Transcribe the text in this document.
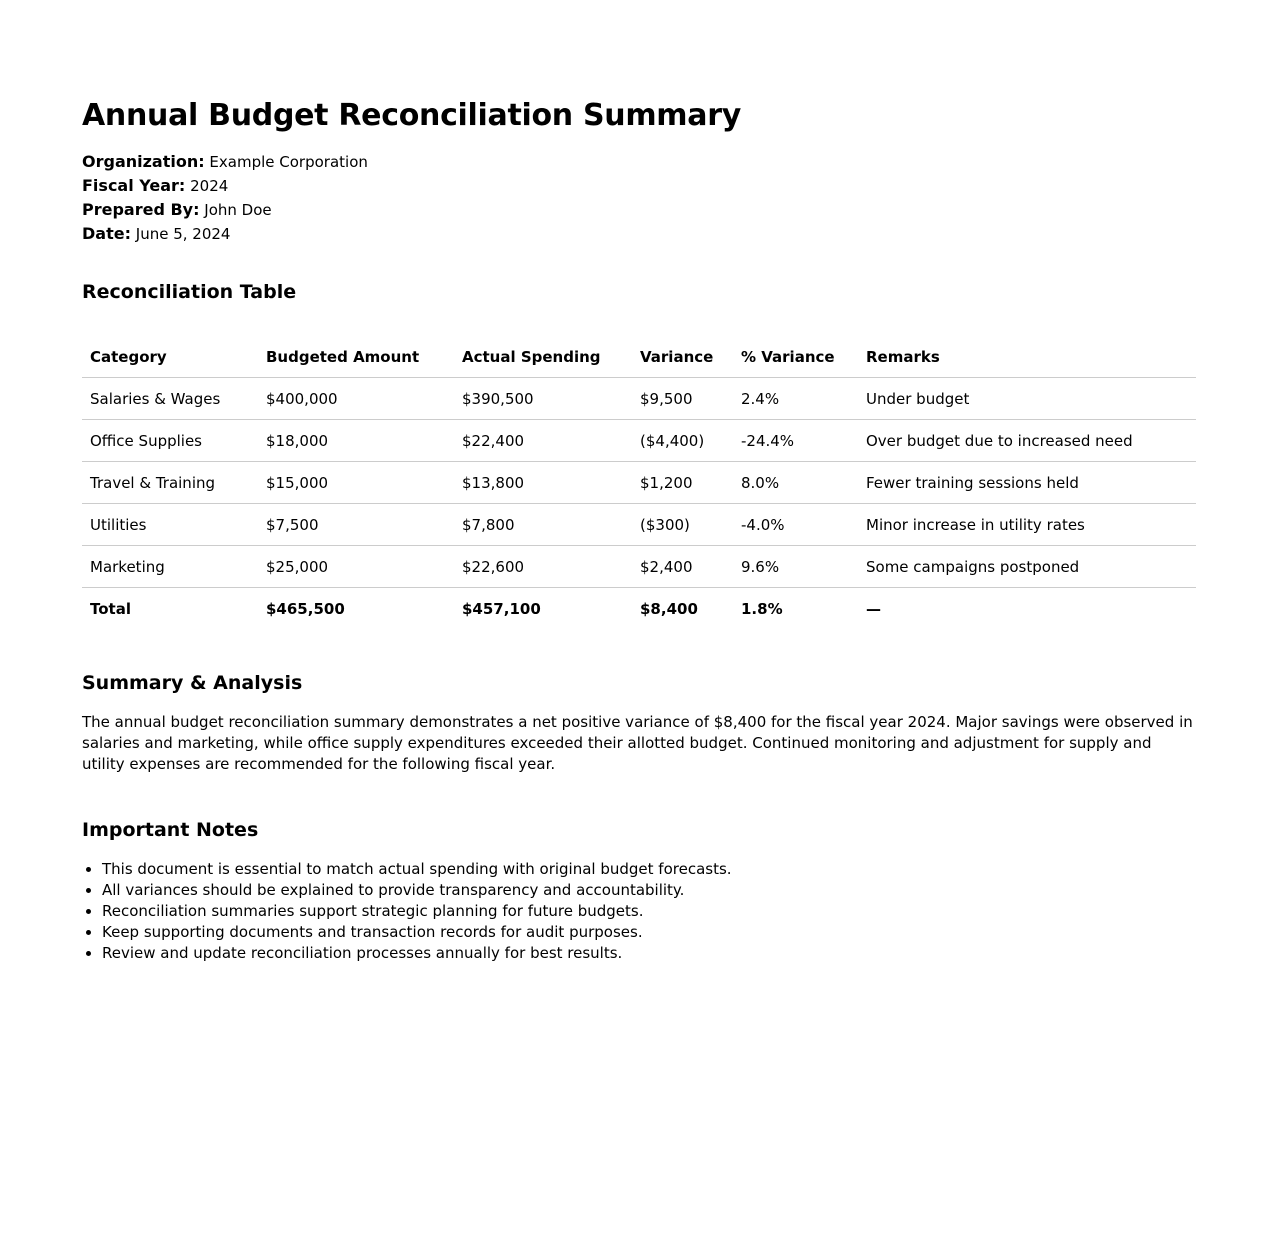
Annual Budget Reconciliation Summary
Organization: Example Corporation
Fiscal Year: 2024
Prepared By: John Doe
Date: June 5, 2024
Reconciliation Table
Category	Budgeted Amount	Actual Spending	Variance	% Variance	Remarks
Salaries & Wages	$400,000	$390,500	$9,500	2.4%	Under budget
Office Supplies	$18,000	$22,400	($4,400)	-24.4%	Over budget due to increased need
Travel & Training	$15,000	$13,800	$1,200	8.0%	Fewer training sessions held
Utilities	$7,500	$7,800	($300)	-4.0%	Minor increase in utility rates
Marketing	$25,000	$22,600	$2,400	9.6%	Some campaigns postponed
Total	$465,500	$457,100	$8,400	1.8%	—
Summary & Analysis

The annual budget reconciliation summary demonstrates a net positive variance of $8,400 for the fiscal year 2024. Major savings were observed in salaries and marketing, while office supply expenditures exceeded their allotted budget. Continued monitoring and adjustment for supply and utility expenses are recommended for the following fiscal year.

Important Notes
• This document is essential to match actual spending with original budget forecasts.
• All variances should be explained to provide transparency and accountability.
• Reconciliation summaries support strategic planning for future budgets.
• Keep supporting documents and transaction records for audit purposes.
• Review and update reconciliation processes annually for best results.
